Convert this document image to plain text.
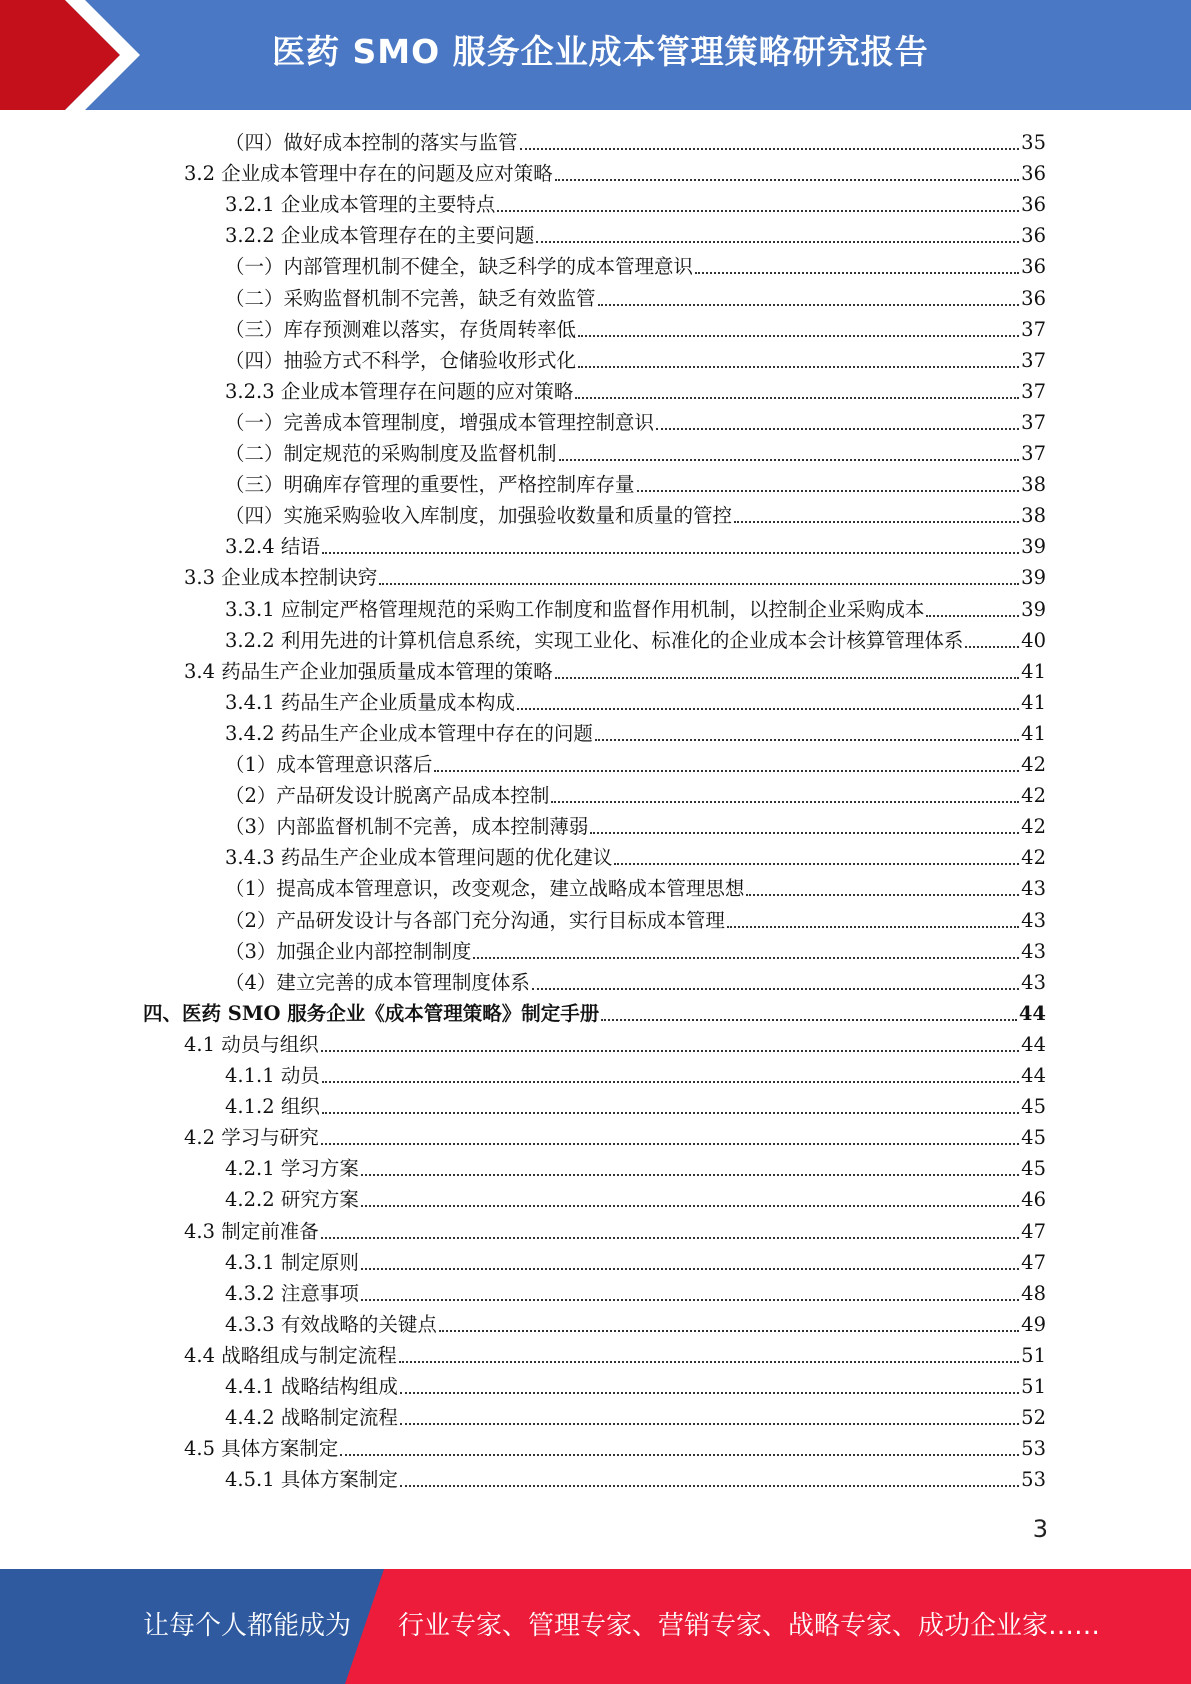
医药 SMO 服务企业成本管理策略研究报告
（四）做好成本控制的落实与监管	35
3.2 企业成本管理中存在的问题及应对策略	36
3.2.1 企业成本管理的主要特点	36
3.2.2 企业成本管理存在的主要问题	36
（一）内部管理机制不健全，缺乏科学的成本管理意识	36
（二）采购监督机制不完善，缺乏有效监管	36
（三）库存预测难以落实，存货周转率低	37
（四）抽验方式不科学，仓储验收形式化	37
3.2.3 企业成本管理存在问题的应对策略	37
（一）完善成本管理制度，增强成本管理控制意识	37
（二）制定规范的采购制度及监督机制	37
（三）明确库存管理的重要性，严格控制库存量	38
（四）实施采购验收入库制度，加强验收数量和质量的管控	38
3.2.4 结语	39
3.3 企业成本控制诀窍	39
3.3.1 应制定严格管理规范的采购工作制度和监督作用机制，以控制企业采购成本	39
3.2.2 利用先进的计算机信息系统，实现工业化、标准化的企业成本会计核算管理体系	40
3.4 药品生产企业加强质量成本管理的策略	41
3.4.1 药品生产企业质量成本构成	41
3.4.2 药品生产企业成本管理中存在的问题	41
（1）成本管理意识落后	42
（2）产品研发设计脱离产品成本控制	42
（3）内部监督机制不完善，成本控制薄弱	42
3.4.3 药品生产企业成本管理问题的优化建议	42
（1）提高成本管理意识，改变观念，建立战略成本管理思想	43
（2）产品研发设计与各部门充分沟通，实行目标成本管理	43
（3）加强企业内部控制制度	43
（4）建立完善的成本管理制度体系	43
四、医药 SMO 服务企业《成本管理策略》制定手册	44
4.1 动员与组织	44
4.1.1 动员	44
4.1.2 组织	45
4.2 学习与研究	45
4.2.1 学习方案	45
4.2.2 研究方案	46
4.3 制定前准备	47
4.3.1 制定原则	47
4.3.2 注意事项	48
4.3.3 有效战略的关键点	49
4.4 战略组成与制定流程	51
4.4.1 战略结构组成	51
4.4.2 战略制定流程	52
4.5 具体方案制定	53
4.5.1 具体方案制定	53
3
让每个人都能成为 行业专家、管理专家、营销专家、战略专家、成功企业家……
